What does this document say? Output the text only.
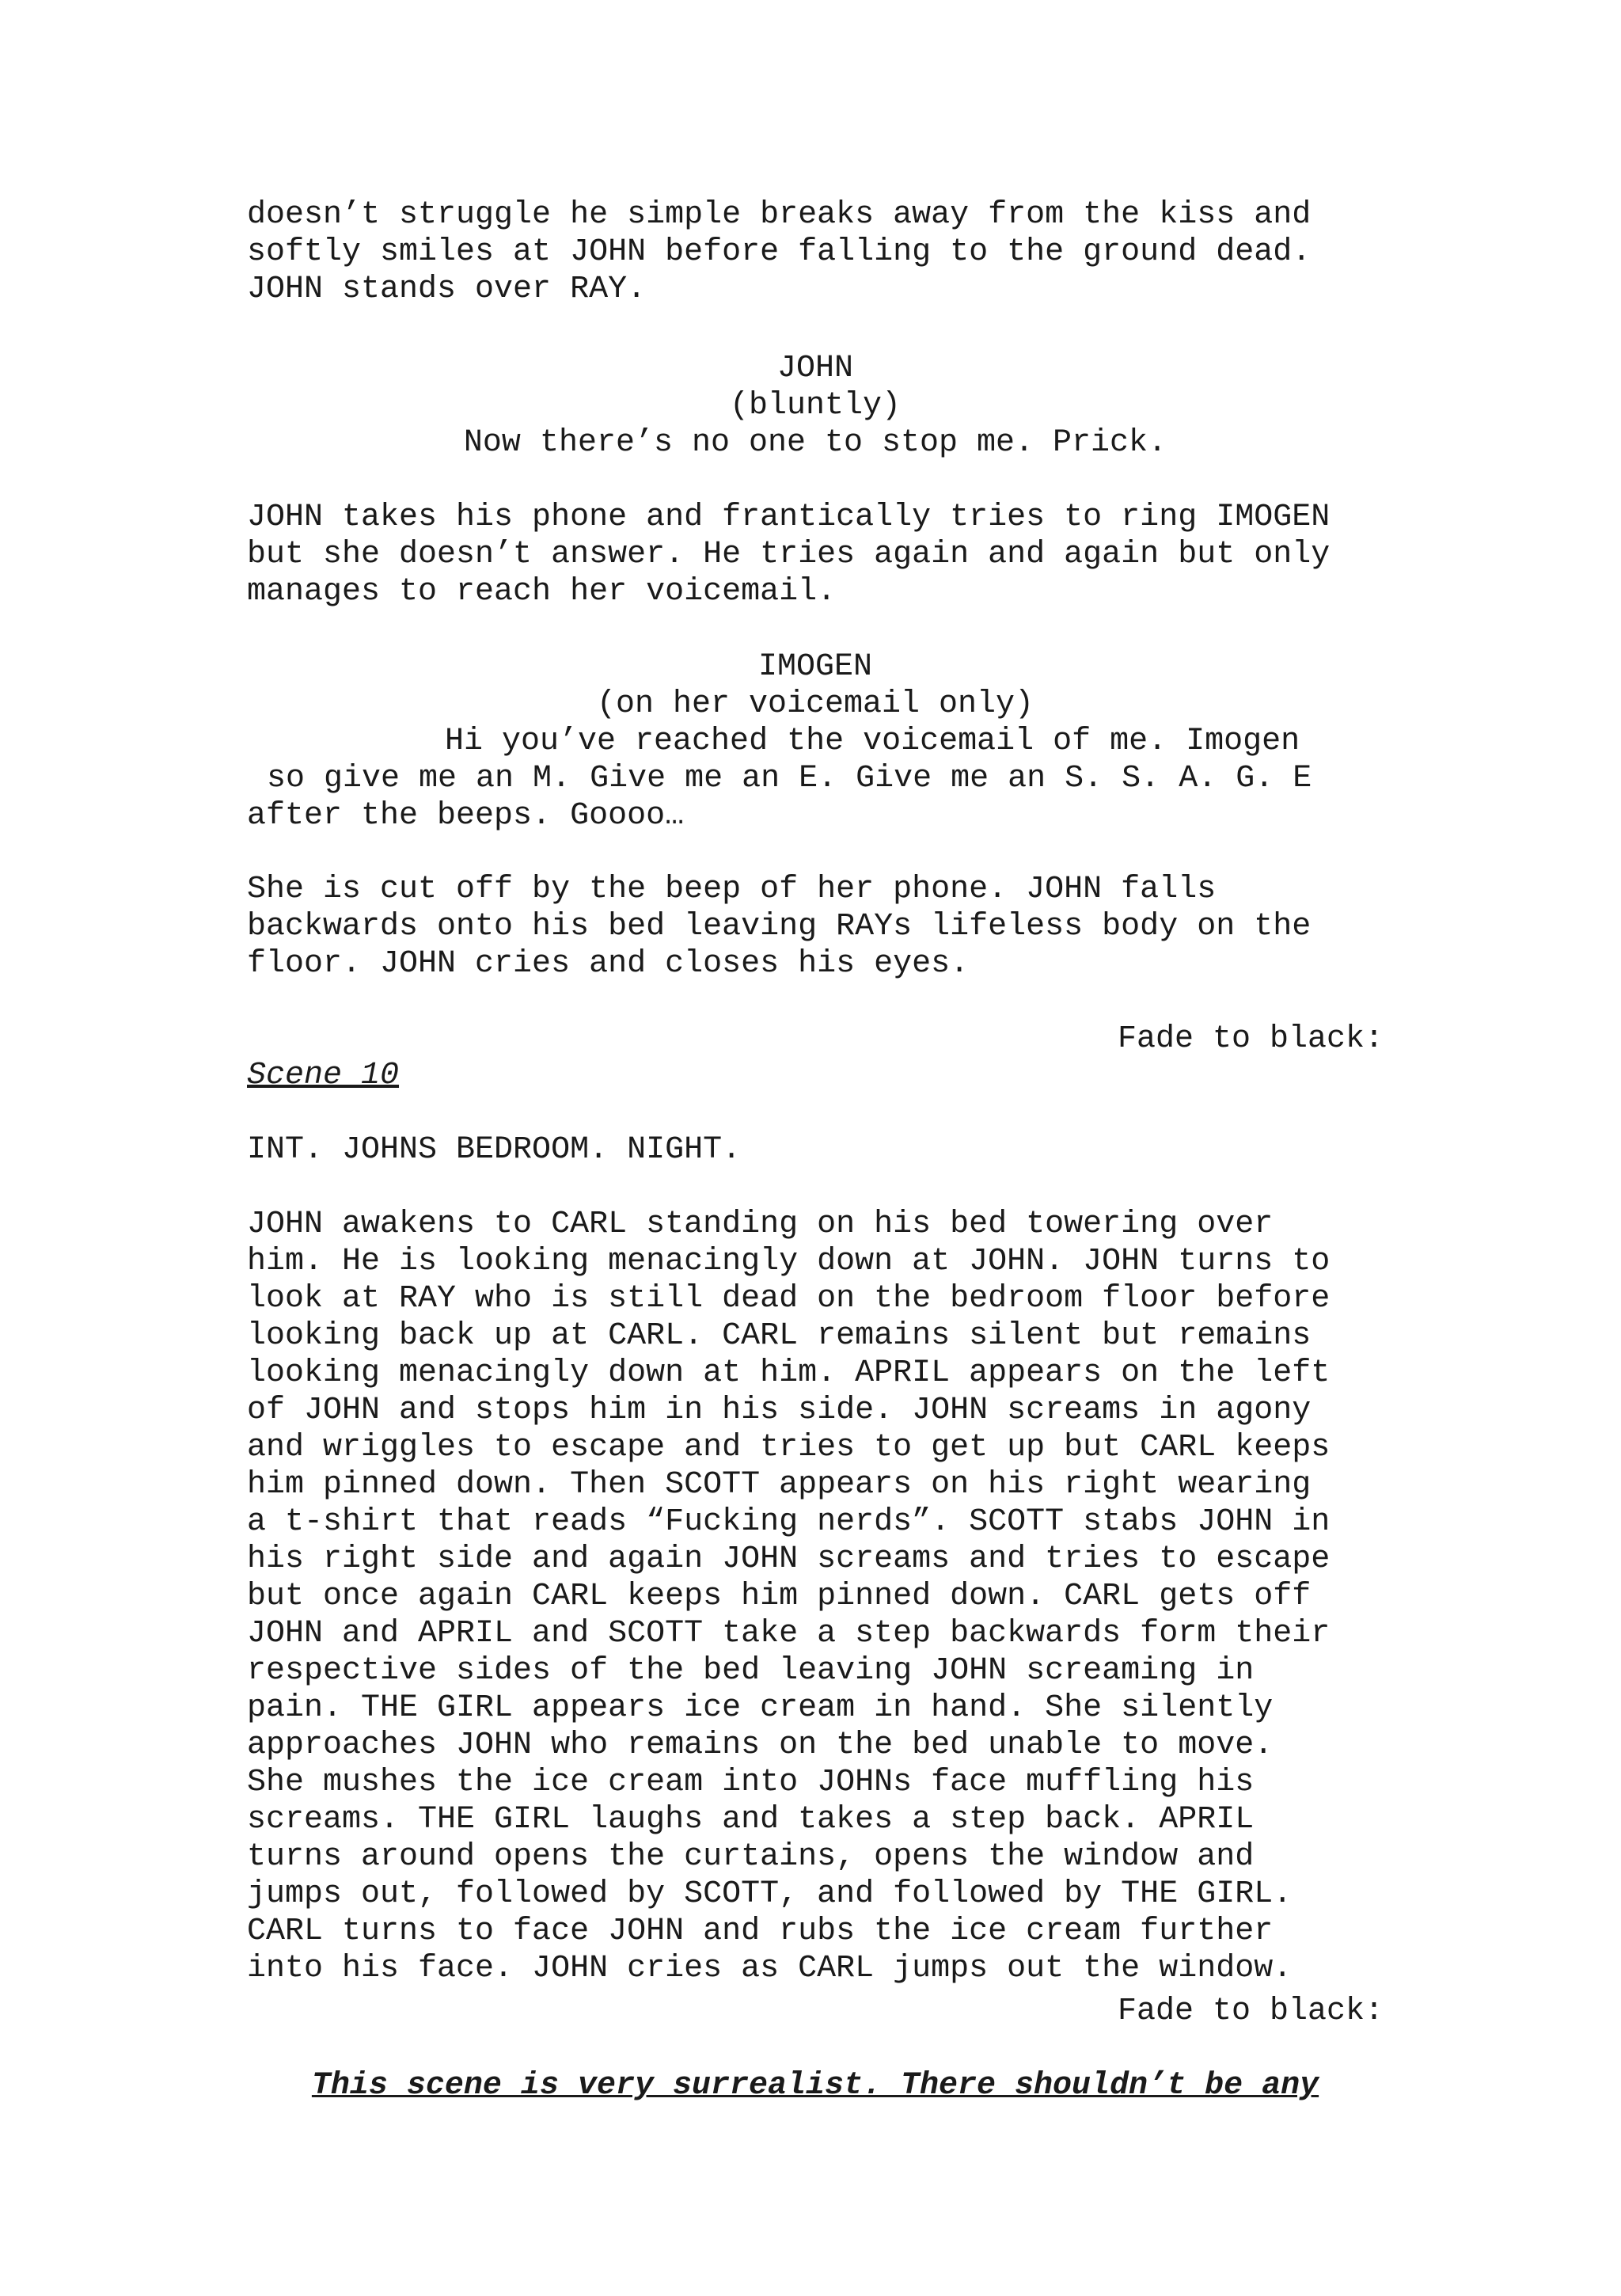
doesn’t struggle he simple breaks away from the kiss and
softly smiles at JOHN before falling to the ground dead.
JOHN stands over RAY.

JOHN

(bluntly)

Now there’s no one to stop me. Prick.

JOHN takes his phone and frantically tries to ring IMOGEN
but she doesn’t answer. He tries again and again but only
manages to reach her voicemail.

IMOGEN

(on her voicemail only)

Hi you’ve reached the voicemail of me. Imogen

so give me an M. Give me an E. Give me an S. S. A. G. E

after the beeps. Goooo…

She is cut off by the beep of her phone. JOHN falls
backwards onto his bed leaving RAYs lifeless body on the
floor. JOHN cries and closes his eyes.

Fade to black:

Scene 10

INT. JOHNS BEDROOM. NIGHT.

JOHN awakens to CARL standing on his bed towering over
him. He is looking menacingly down at JOHN. JOHN turns to
look at RAY who is still dead on the bedroom floor before
looking back up at CARL. CARL remains silent but remains
looking menacingly down at him. APRIL appears on the left
of JOHN and stops him in his side. JOHN screams in agony
and wriggles to escape and tries to get up but CARL keeps
him pinned down. Then SCOTT appears on his right wearing
a t-shirt that reads “Fucking nerds”. SCOTT stabs JOHN in
his right side and again JOHN screams and tries to escape
but once again CARL keeps him pinned down. CARL gets off
JOHN and APRIL and SCOTT take a step backwards form their
respective sides of the bed leaving JOHN screaming in
pain. THE GIRL appears ice cream in hand. She silently
approaches JOHN who remains on the bed unable to move.
She mushes the ice cream into JOHNs face muffling his
screams. THE GIRL laughs and takes a step back. APRIL
turns around opens the curtains, opens the window and
jumps out, followed by SCOTT, and followed by THE GIRL.
CARL turns to face JOHN and rubs the ice cream further
into his face. JOHN cries as CARL jumps out the window.

Fade to black:

This scene is very surrealist. There shouldn’t be any
